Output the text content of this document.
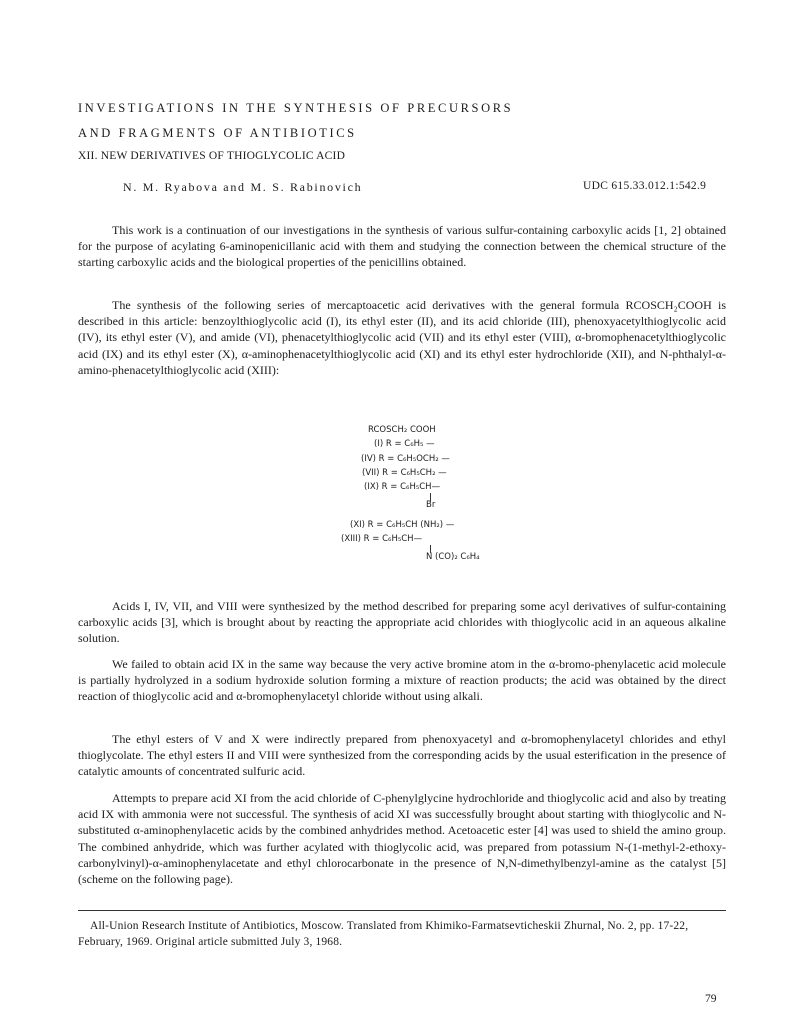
INVESTIGATIONS IN THE SYNTHESIS OF PRECURSORS
AND FRAGMENTS OF ANTIBIOTICS
XII. NEW DERIVATIVES OF THIOGLYCOLIC ACID
N. M. Ryabova and M. S. Rabinovich	UDC 615.33.012.1:542.9

This work is a continuation of our investigations in the synthesis of various sulfur-containing carboxylic acids [1, 2] obtained for the purpose of acylating 6-aminopenicillanic acid with them and studying the connection between the chemical structure of the starting carboxylic acids and the biological properties of the penicillins obtained.

The synthesis of the following series of mercaptoacetic acid derivatives with the general formula RCOSCH₂COOH is described in this article: benzoylthioglycolic acid (I), its ethyl ester (II), and its acid chloride (III), phenoxyacetylthioglycolic acid (IV), its ethyl ester (V), and amide (VI), phenacetylthioglycolic acid (VII) and its ethyl ester (VIII), α-bromophenacetylthioglycolic acid (IX) and its ethyl ester (X), α-aminophenacetylthioglycolic acid (XI) and its ethyl ester hydrochloride (XII), and N-phthalyl-α-amino-phenacetylthioglycolic acid (XIII):

RCOSCH₂ COOH
(I) R = C₆H₅ —
(IV) R = C₆H₅OCH₂ —
(VII) R = C₆H₅CH₂ —
(IX) R = C₆H₅CH—
Br
(XI) R = C₆H₅CH (NH₂) —
(XIII) R = C₆H₅CH—
N (CO)₂ C₆H₄

Acids I, IV, VII, and VIII were synthesized by the method described for preparing some acyl derivatives of sulfur-containing carboxylic acids [3], which is brought about by reacting the appropriate acid chlorides with thioglycolic acid in an aqueous alkaline solution.

We failed to obtain acid IX in the same way because the very active bromine atom in the α-bromo-phenylacetic acid molecule is partially hydrolyzed in a sodium hydroxide solution forming a mixture of reaction products; the acid was obtained by the direct reaction of thioglycolic acid and α-bromophenylacetyl chloride without using alkali.

The ethyl esters of V and X were indirectly prepared from phenoxyacetyl and α-bromophenylacetyl chlorides and ethyl thioglycolate. The ethyl esters II and VIII were synthesized from the corresponding acids by the usual esterification in the presence of catalytic amounts of concentrated sulfuric acid.

Attempts to prepare acid XI from the acid chloride of C-phenylglycine hydrochloride and thioglycolic acid and also by treating acid IX with ammonia were not successful. The synthesis of acid XI was successfully brought about starting with thioglycolic and N-substituted α-aminophenylacetic acids by the combined anhydrides method. Acetoacetic ester [4] was used to shield the amino group. The combined anhydride, which was further acylated with thioglycolic acid, was prepared from potassium N-(1-methyl-2-ethoxy-carbonylvinyl)-α-aminophenylacetate and ethyl chlorocarbonate in the presence of N,N-dimethylbenzyl-amine as the catalyst [5] (scheme on the following page).

All-Union Research Institute of Antibiotics, Moscow. Translated from Khimiko-Farmatsevticheskii Zhurnal, No. 2, pp. 17-22, February, 1969. Original article submitted July 3, 1968.

79
